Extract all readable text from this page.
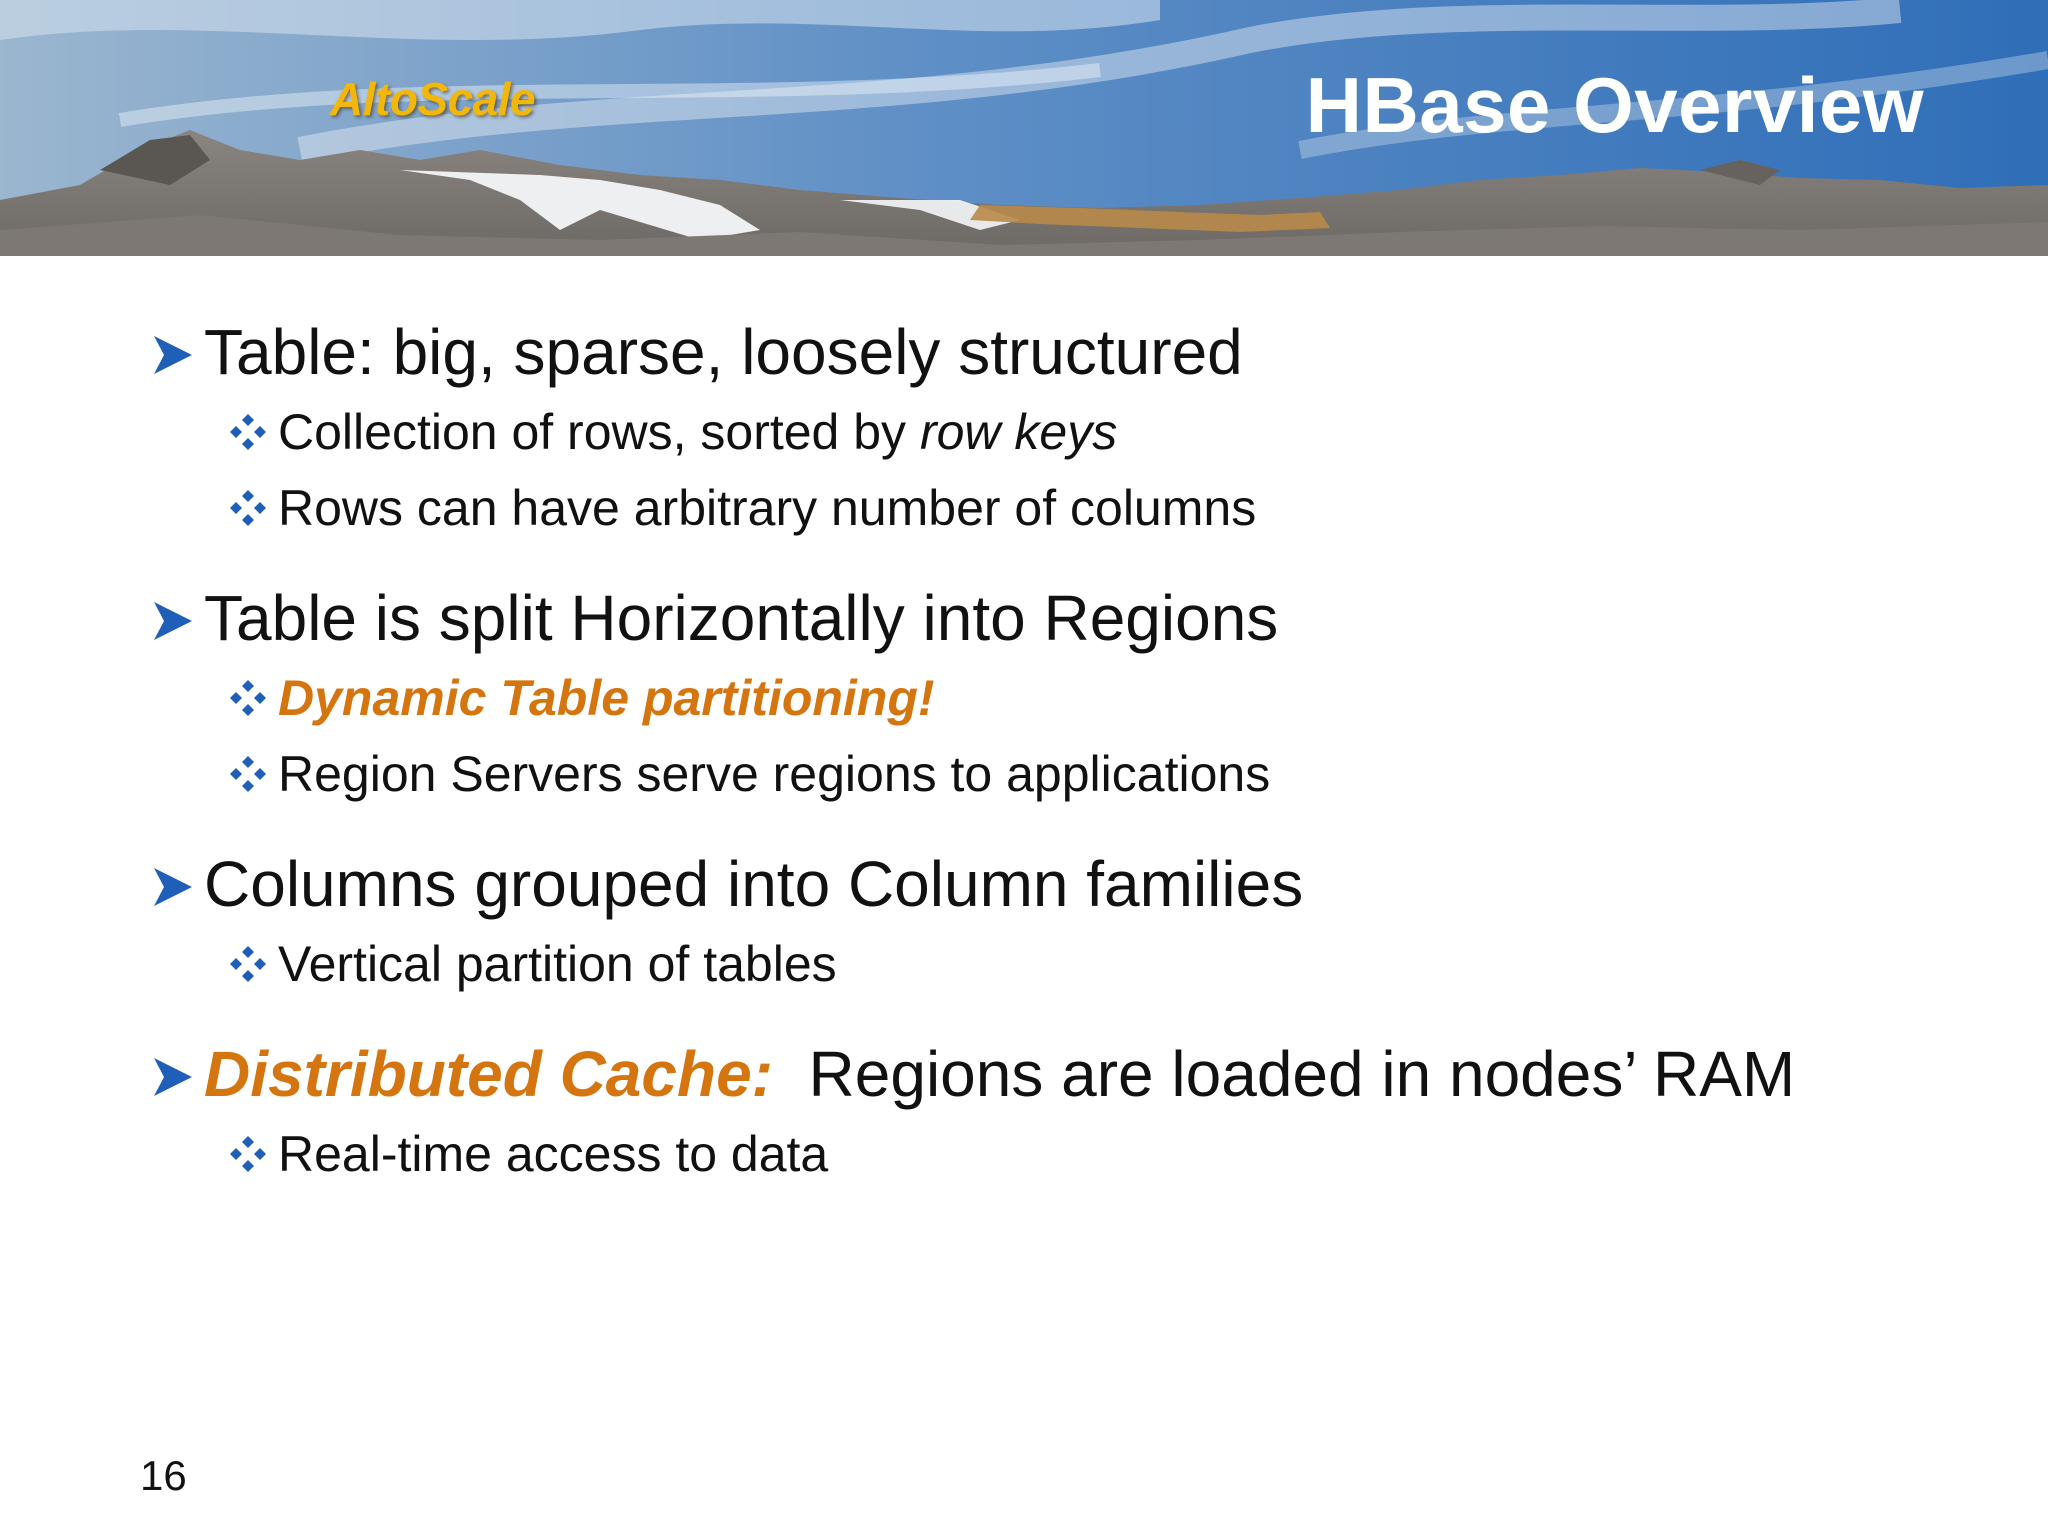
AltoScale	HBase Overview
Table: big, sparse, loosely structured
Collection of rows, sorted by row keys
Rows can have arbitrary number of columns
Table is split Horizontally into Regions
Dynamic Table partitioning!
Region Servers serve regions to applications
Columns grouped into Column families
Vertical partition of tables
Distributed Cache: Regions are loaded in nodes’ RAM
Real-time access to data
16
